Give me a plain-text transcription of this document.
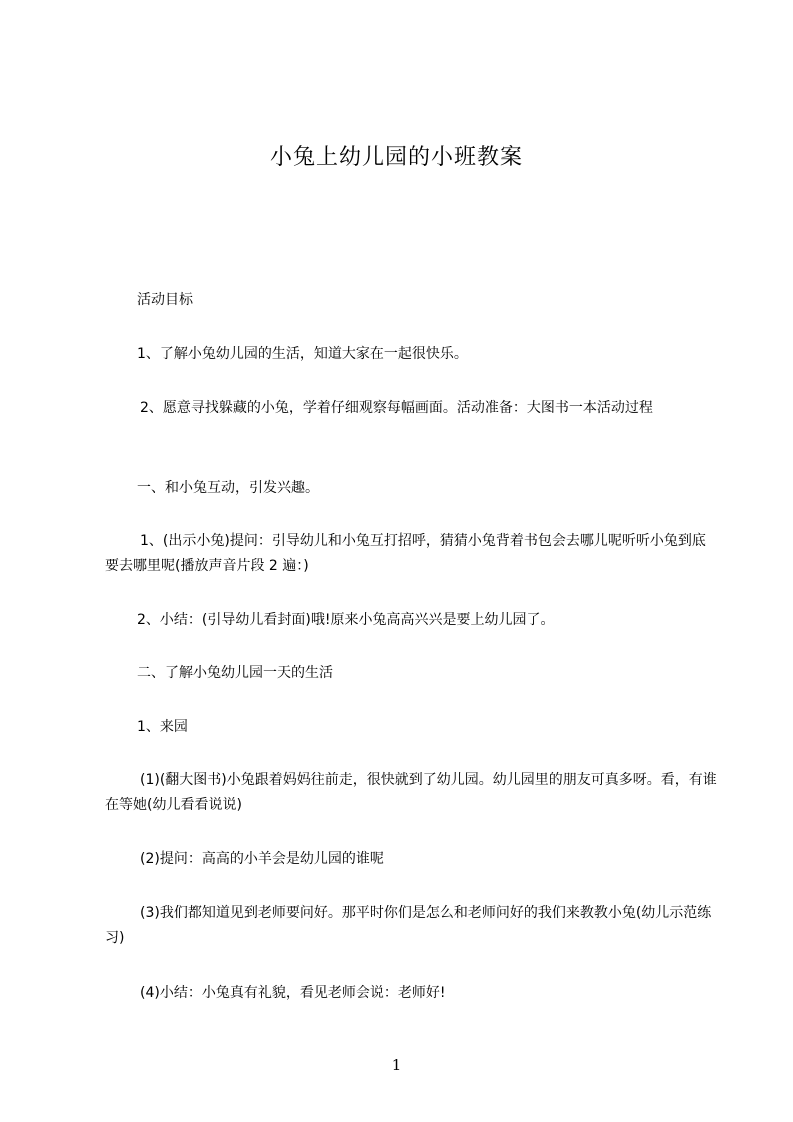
小兔上幼儿园的小班教案

活动目标

1、了解小兔幼儿园的生活，知道大家在一起很快乐。

2、愿意寻找躲藏的小兔，学着仔细观察每幅画面。活动准备：大图书一本活动过程

一、和小兔互动，引发兴趣。

1、(出示小兔)提问：引导幼儿和小兔互打招呼，猜猜小兔背着书包会去哪儿呢听听小兔到底要去哪里呢(播放声音片段 2 遍：)

2、小结：(引导幼儿看封面)哦!原来小兔高高兴兴是要上幼儿园了。

二、了解小兔幼儿园一天的生活

1、来园

(1)(翻大图书)小兔跟着妈妈往前走，很快就到了幼儿园。幼儿园里的朋友可真多呀。看，有谁在等她(幼儿看看说说)

(2)提问：高高的小羊会是幼儿园的谁呢

(3)我们都知道见到老师要问好。那平时你们是怎么和老师问好的我们来教教小兔(幼儿示范练习)

(4)小结：小兔真有礼貌，看见老师会说：老师好!

1
